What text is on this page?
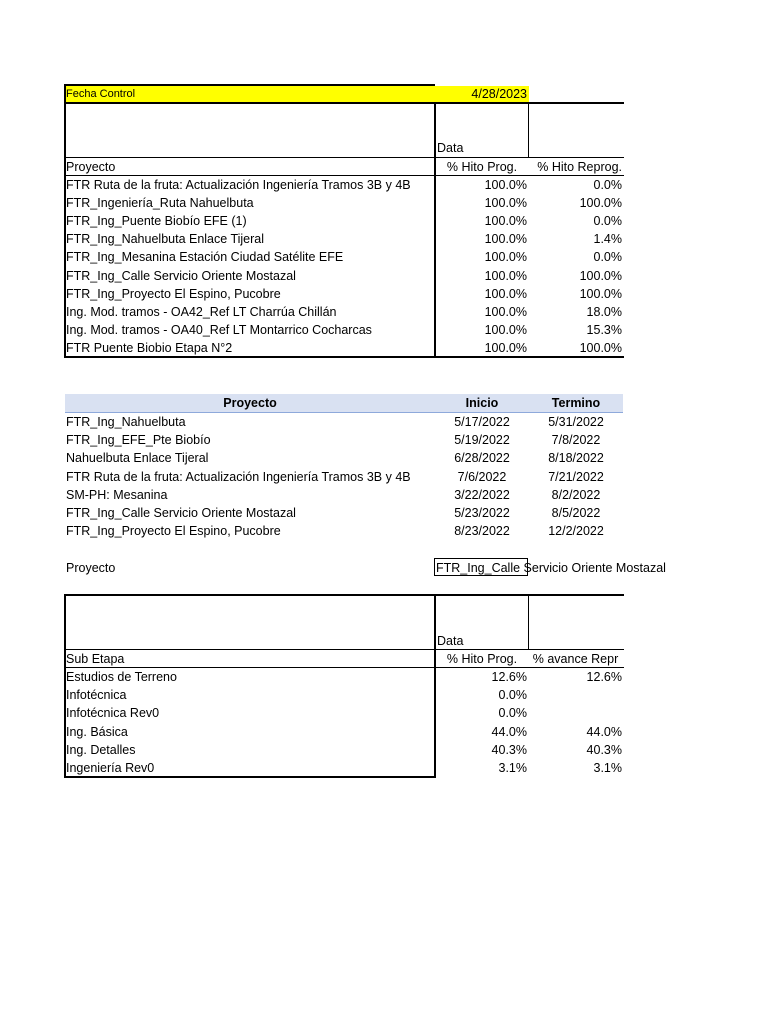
Fecha Control	4/28/2023
Data
Proyecto	% Hito Prog.	% Hito Reprog.
FTR Ruta de la fruta: Actualización Ingeniería Tramos 3B y 4B	100.0%	0.0%
FTR_Ingeniería_Ruta Nahuelbuta	100.0%	100.0%
FTR_Ing_Puente Biobío EFE (1)	100.0%	0.0%
FTR_Ing_Nahuelbuta Enlace Tijeral	100.0%	1.4%
FTR_Ing_Mesanina Estación Ciudad Satélite EFE	100.0%	0.0%
FTR_Ing_Calle Servicio Oriente Mostazal	100.0%	100.0%
FTR_Ing_Proyecto El Espino, Pucobre	100.0%	100.0%
Ing. Mod. tramos - OA42_Ref LT Charrúa Chillán	100.0%	18.0%
Ing. Mod. tramos - OA40_Ref LT Montarrico Cocharcas	100.0%	15.3%
FTR Puente Biobio Etapa N°2	100.0%	100.0%
Proyecto	Inicio	Termino
FTR_Ing_Nahuelbuta	5/17/2022	5/31/2022
FTR_Ing_EFE_Pte Biobío	5/19/2022	7/8/2022
Nahuelbuta Enlace Tijeral	6/28/2022	8/18/2022
FTR Ruta de la fruta: Actualización Ingeniería Tramos 3B y 4B	7/6/2022	7/21/2022
SM-PH: Mesanina	3/22/2022	8/2/2022
FTR_Ing_Calle Servicio Oriente Mostazal	5/23/2022	8/5/2022
FTR_Ing_Proyecto El Espino, Pucobre	8/23/2022	12/2/2022
Proyecto	FTR_Ing_Calle Servicio Oriente Mostazal
Data
Sub Etapa	% Hito Prog.	% avance Repr
Estudios de Terreno	12.6%	12.6%
Infotécnica	0.0%
Infotécnica Rev0	0.0%
Ing. Básica	44.0%	44.0%
Ing. Detalles	40.3%	40.3%
Ingeniería Rev0	3.1%	3.1%
